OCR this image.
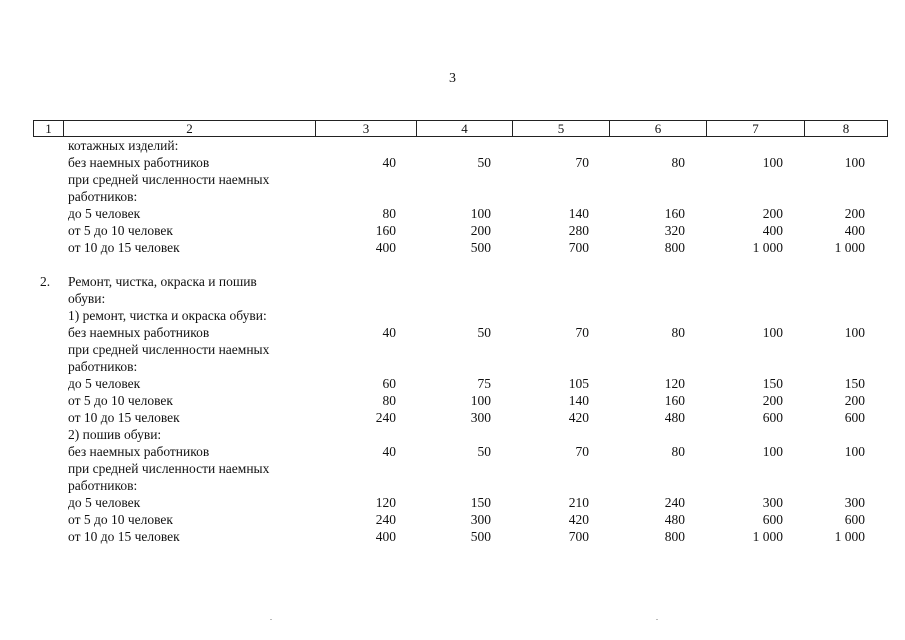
3
1	2	3	4	5	6	7	8
котажных изделий:
без наемных работников	40	50	70	80	100	100
при средней численности наемных
работников:
до 5 человек	80	100	140	160	200	200
от 5 до 10 человек	160	200	280	320	400	400
от 10 до 15 человек	400	500	700	800	1 000	1 000
2. Ремонт, чистка, окраска и пошив
обуви:
1) ремонт, чистка и окраска обуви:
без наемных работников	40	50	70	80	100	100
при средней численности наемных
работников:
до 5 человек	60	75	105	120	150	150
от 5 до 10 человек	80	100	140	160	200	200
от 10 до 15 человек	240	300	420	480	600	600
2) пошив обуви:
без наемных работников	40	50	70	80	100	100
при средней численности наемных
работников:
до 5 человек	120	150	210	240	300	300
от 5 до 10 человек	240	300	420	480	600	600
от 10 до 15 человек	400	500	700	800	1 000	1 000
